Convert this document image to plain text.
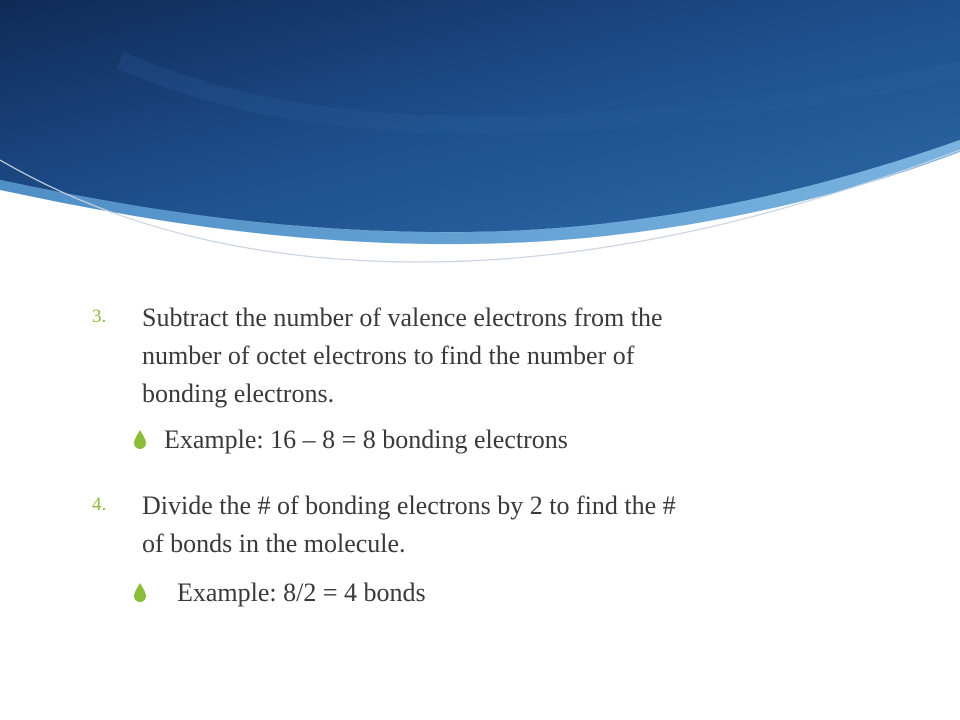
3. Subtract the number of valence electrons from the
number of octet electrons to find the number of
bonding electrons.
Example: 16 – 8 = 8 bonding electrons
4. Divide the # of bonding electrons by 2 to find the #
of bonds in the molecule.
Example: 8/2 = 4 bonds
